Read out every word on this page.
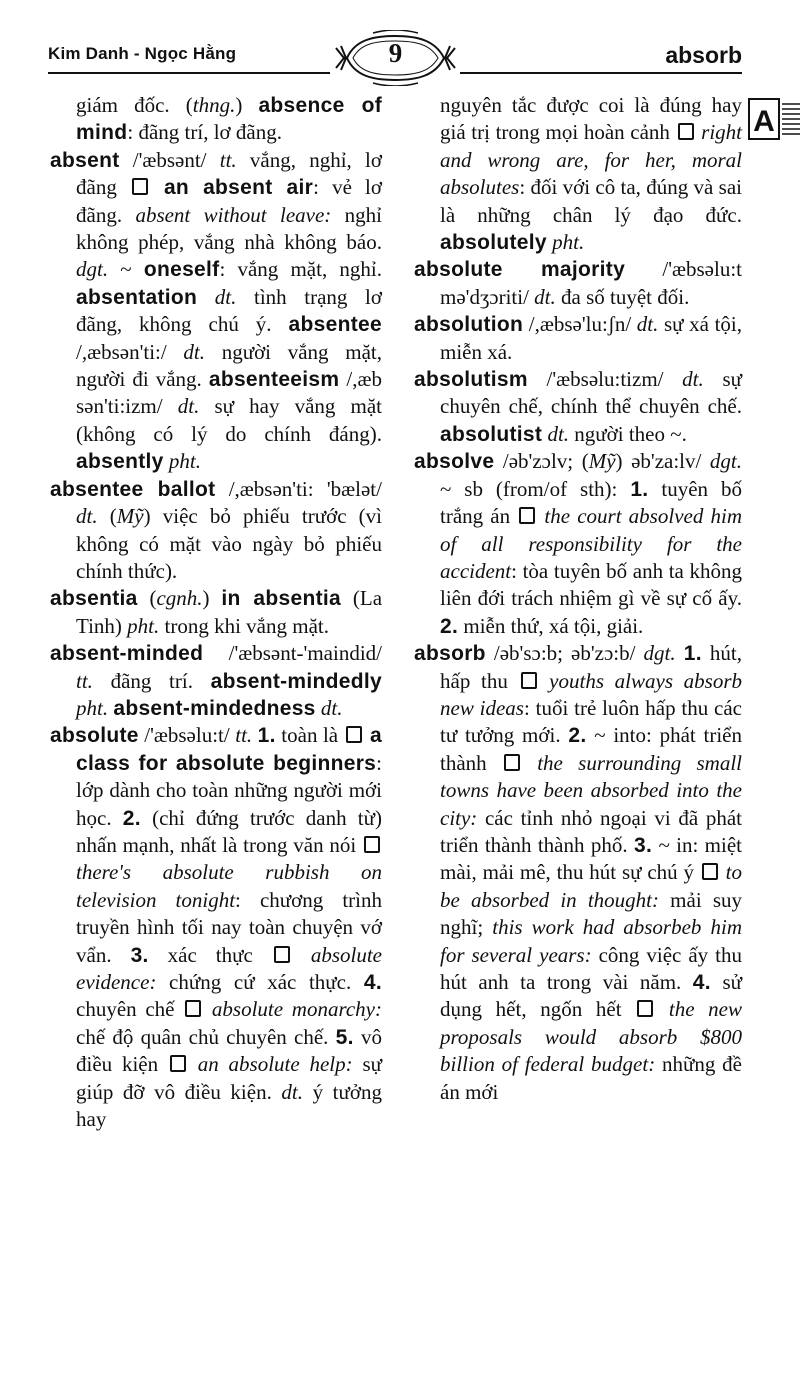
Kim Danh - Ngọc Hằng	9	absorb
A

giám đốc. (thng.) absence of mind: đãng trí, lơ đãng.

absent /'æbsənt/ tt. vắng, nghỉ, lơ đãng  an absent air: vẻ lơ đãng. absent without leave: nghỉ không phép, vắng nhà không báo. dgt. ~ oneself: vắng mặt, nghỉ. absentation dt. tình trạng lơ đãng, không chú ý. absentee /,æbsən'ti:/ dt. người vắng mặt, người đi vắng. absenteeism /,æb sən'ti:izm/ dt. sự hay vắng mặt (không có lý do chính đáng). absently pht.

absentee ballot /,æbsən'ti: 'bælət/ dt. (Mỹ) việc bỏ phiếu trước (vì không có mặt vào ngày bỏ phiếu chính thức).

absentia (cgnh.) in absentia (La Tinh) pht. trong khi vắng mặt.

absent-minded /'æbsənt-'maindid/ tt. đãng trí. absent-mindedly pht. absent-mindedness dt.

absolute /'æbsəlu:t/ tt. 1. toàn là  a class for absolute beginners: lớp dành cho toàn những người mới học. 2. (chỉ đứng trước danh từ) nhấn mạnh, nhất là trong văn nói  there's absolute rubbish on television tonight: chương trình truyền hình tối nay toàn chuyện vớ vẩn. 3. xác thực  absolute evidence: chứng cứ xác thực. 4. chuyên chế  absolute monarchy: chế độ quân chủ chuyên chế. 5. vô điều kiện  an absolute help: sự giúp đỡ vô điều kiện. dt. ý tưởng hay

nguyên tắc được coi là đúng hay giá trị trong mọi hoàn cảnh  right and wrong are, for her, moral absolutes: đối với cô ta, đúng và sai là những chân lý đạo đức. absolutely pht.

absolute majority /'æbsəlu:t mə'dʒɔriti/ dt. đa số tuyệt đối.

absolution /,æbsə'lu:ʃn/ dt. sự xá tội, miễn xá.

absolutism /'æbsəlu:tizm/ dt. sự chuyên chế, chính thể chuyên chế. absolutist dt. người theo ~.

absolve /əb'zɔlv; (Mỹ) əb'za:lv/ dgt. ~ sb (from/of sth): 1. tuyên bố trắng án  the court absolved him of all responsibility for the accident: tòa tuyên bố anh ta không liên đới trách nhiệm gì về sự cố ấy. 2. miễn thứ, xá tội, giải.

absorb /əb'sɔ:b; əb'zɔ:b/ dgt. 1. hút, hấp thu  youths always absorb new ideas: tuổi trẻ luôn hấp thu các tư tưởng mới. 2. ~ into: phát triển thành  the surrounding small towns have been absorbed into the city: các tỉnh nhỏ ngoại vi đã phát triển thành thành phố. 3. ~ in: miệt mài, mải mê, thu hút sự chú ý  to be absorbed in thought: mải suy nghĩ; this work had absorbeb him for several years: công việc ấy thu hút anh ta trong vài năm. 4. sử dụng hết, ngốn hết  the new proposals would absorb $800 billion of federal budget: những đề án mới
